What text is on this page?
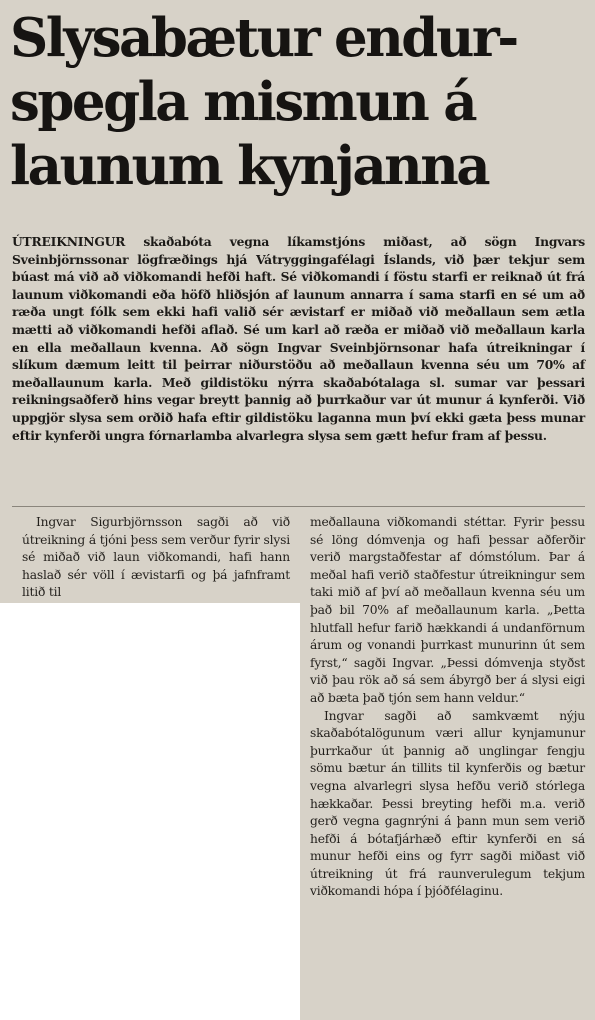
Slysabætur endur-
spegla mismun á
launum kynjanna

ÚTREIKNINGUR skaðabóta vegna líkamstjóns miðast, að sögn Ingvars Sveinbjörnssonar lögfræðings hjá Vátryggingafélagi Íslands, við þær tekjur sem búast má við að viðkomandi hefði haft. Sé viðkomandi í föstu starfi er reiknað út frá launum viðkomandi eða höfð hliðsjón af launum annarra í sama starfi en sé um að ræða ungt fólk sem ekki hafi valið sér ævistarf er miðað við meðallaun sem ætla mætti að viðkomandi hefði aflað. Sé um karl að ræða er miðað við meðallaun karla en ella meðallaun kvenna. Að sögn Ingvar Sveinbjörnsonar hafa útreikningar í slíkum dæmum leitt til þeirrar niðurstöðu að meðallaun kvenna séu um 70% af meðallaunum karla. Með gildistöku nýrra skaðabótalaga sl. sumar var þessari reikningsaðferð hins vegar breytt þannig að þurrkaður var út munur á kynferði. Við uppgjör slysa sem orðið hafa eftir gildistöku laganna mun því ekki gæta þess munar eftir kynferði ungra fórnarlamba alvarlegra slysa sem gætt hefur fram af þessu.

Ingvar Sigurbjörnsson sagði að við útreikning á tjóni þess sem verður fyrir slysi sé miðað við laun viðkomandi, hafi hann haslað sér völl í ævistarfi og þá jafnframt litið til

meðallauna viðkomandi stéttar. Fyrir þessu sé löng dómvenja og hafi þessar aðferðir verið margstaðfestar af dómstólum. Þar á meðal hafi verið staðfestur útreikningur sem taki mið af því að meðallaun kvenna séu um það bil 70% af meðallaunum karla. „Þetta hlutfall hefur farið hækkandi á undanförnum árum og vonandi þurrkast munurinn út sem fyrst,“ sagði Ingvar. „Þessi dómvenja styðst við þau rök að sá sem ábyrgð ber á slysi eigi að bæta það tjón sem hann veldur.“

Ingvar sagði að samkvæmt nýju skaðabótalögunum væri allur kynjamunur þurrkaður út þannig að unglingar fengju sömu bætur án tillits til kynferðis og bætur vegna alvarlegri slysa hefðu verið stórlega hækkaðar. Þessi breyting hefði m.a. verið gerð vegna gagnrýni á þann mun sem verið hefði á bótafjárhæð eftir kynferði en sá munur hefði eins og fyrr sagði miðast við útreikning út frá raunverulegum tekjum viðkomandi hópa í þjóðfélaginu.
